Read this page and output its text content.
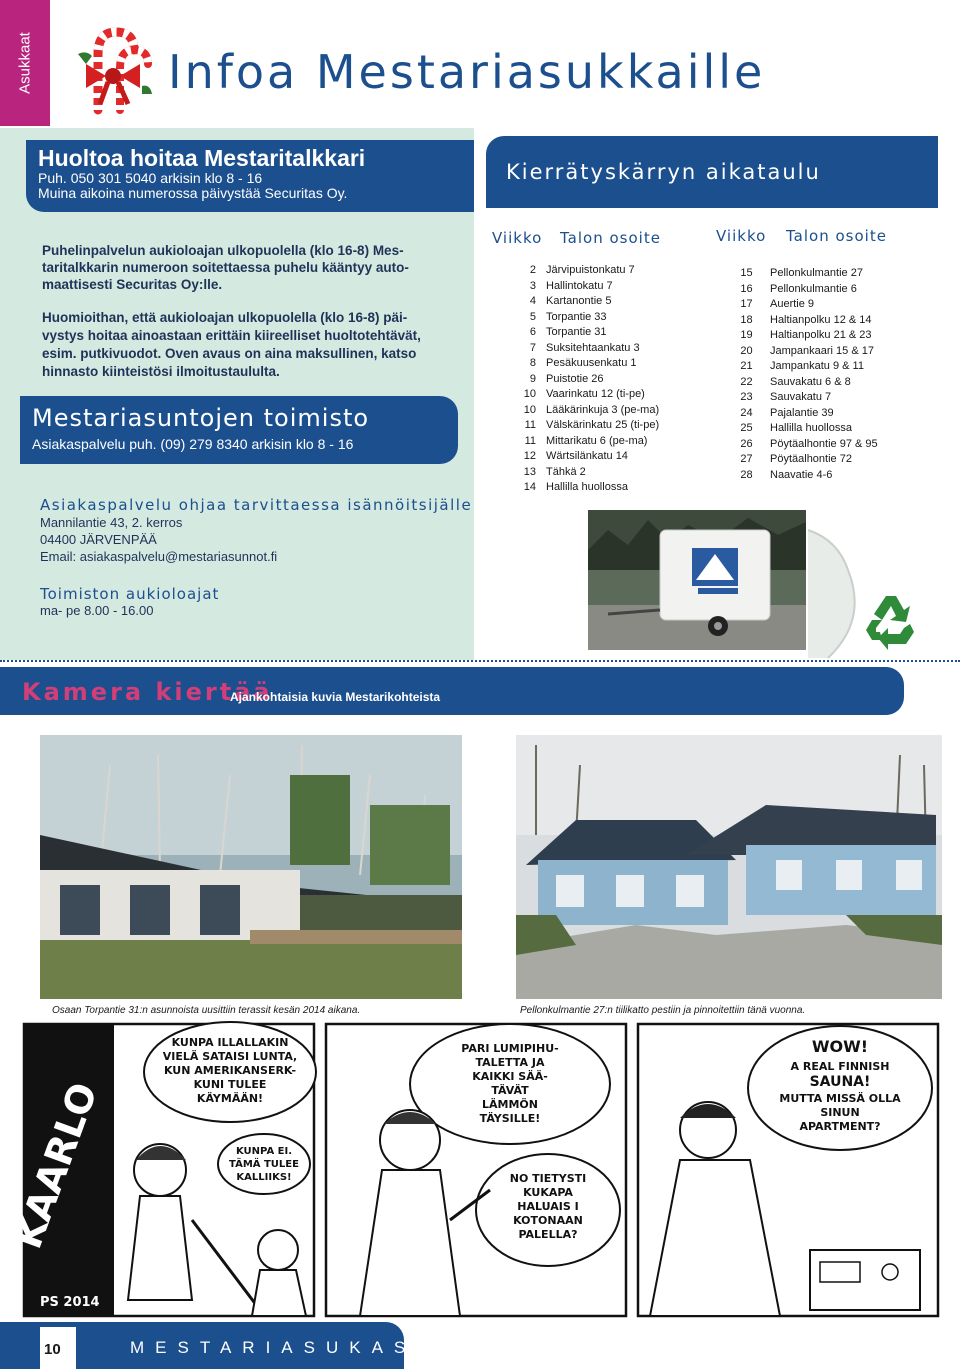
Asukkaat	Infoa Mestariasukkaille
Huoltoa hoitaa Mestaritalkkari
Puh. 050 301 5040 arkisin klo 8 - 16
Muina aikoina numerossa päivystää Securitas Oy.
Puhelinpalvelun aukioloajan ulkopuolella (klo 16-8) Mes-
taritalkkarin numeroon soitettaessa puhelu kääntyy auto-
maattisesti Securitas Oy:lle.
Huomioithan, että aukioloajan ulkopuolella (klo 16-8) päi-
vystys hoitaa ainoastaan erittäin kiireelliset huoltotehtävät,
esim. putkivuodot. Oven avaus on aina maksullinen, katso
hinnasto kiinteistösi ilmoitustaululta.
Mestariasuntojen toimisto
Asiakaspalvelu puh. (09) 279 8340 arkisin klo 8 - 16
Asiakaspalvelu ohjaa tarvittaessa isännöitsijälle
Mannilantie 43, 2. kerros
04400 JÄRVENPÄÄ
Email: asiakaspalvelu@mestariasunnot.fi
Toimiston aukioloajat
ma- pe 8.00 - 16.00
Kierrätyskärryn aikataulu
Viikko Talon osoite	Viikko Talon osoite
2 Järvipuistonkatu 7
3 Hallintokatu 7
4 Kartanontie 5
5 Torpantie 33
6 Torpantie 31
7 Suksitehtaankatu 3
8 Pesäkuusenkatu 1
9 Puistotie 26
10 Vaarinkatu 12 (ti-pe)
10 Lääkärinkuja 3 (pe-ma)
11 Välskärinkatu 25 (ti-pe)
11 Mittarikatu 6 (pe-ma)
12 Wärtsilänkatu 14
13 Tähkä 2
14 Hallilla huollossa
15	Pellonkulmantie 27
16	Pellonkulmantie 6
17	Auertie 9
18	Haltianpolku 12 & 14
19	Haltianpolku 21 & 23
20	Jampankaari 15 & 17
21	Jampankatu 9 & 11
22	Sauvakatu 6 & 8
23	Sauvakatu 7
24	Pajalantie 39
25	Hallilla huollossa
26	Pöytäalhontie 97 & 95
27	Pöytäalhontie 72
28	Naavatie 4-6
Kamera kiertää
Ajankohtaisia kuvia Mestarikohteista
Osaan Torpantie 31:n asunnoista uusittiin terassit kesän 2014 aikana.	Pellonkulmantie 27:n tiilikatto pestiin ja pinnoitettiin tänä vuonna.
KAARLO
KUNPA ILLALLAKIN
VIELÄ SATAISI LUNTA,
KUN AMERIKANSERK-
KUNI TULEE
KÄYMÄÄN!
KUNPA EI.
TÄMÄ TULEE
KALLIIKS!
PS 2014
PARI LUMIPIHU-
TALETTA JA
KAIKKI SÄÄ-
TÄVÄT
LÄMMÖN
TÄYSILLE!
NO TIETYSTI
KUKAPA
HALUAIS I
KOTONAAN
PALELLA?
WOW!
A REAL FINNISH
SAUNA!
MUTTA MISSÄ OLLA
SINUN
APARTMENT?
10	MESTARIASUKAS
